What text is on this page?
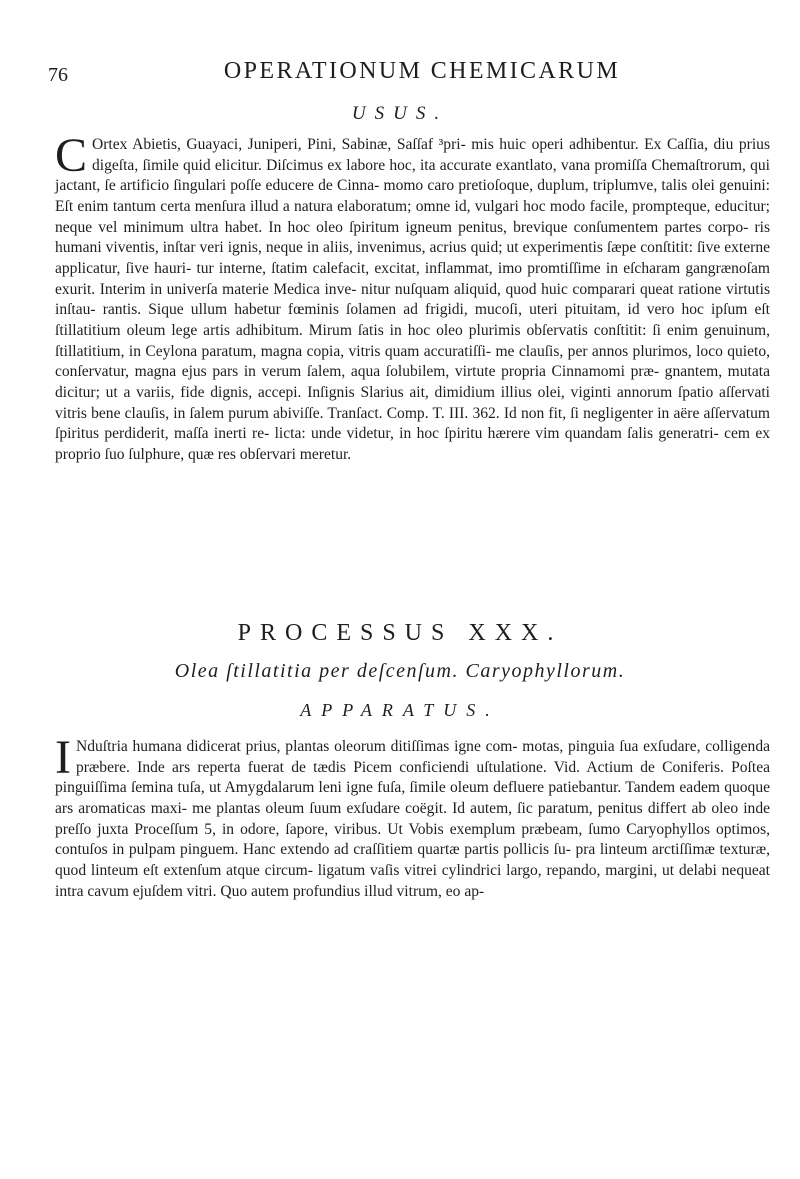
76	OPERATIONUM CHEMICARUM
USUS.

C Ortex Abietis, Guayaci, Juniperi, Pini, Sabinæ, Saſſaf ³pri- mis huic operi adhibentur. Ex Caſſia, diu prius digeſta, ſimile quid elicitur. Diſcimus ex labore hoc, ita accurate exantlato, vana promiſſa Chemaſtrorum, qui jactant, ſe artificio ſingulari poſſe educere de Cinna- momo caro pretioſoque, duplum, triplumve, talis olei genuini: Eſt enim tantum certa menſura illud a natura elaboratum; omne id, vulgari hoc modo facile, prompteque, educitur; neque vel minimum ultra habet. In hoc oleo ſpiritum igneum penitus, brevique conſumentem partes corpo- ris humani viventis, inſtar veri ignis, neque in aliis, invenimus, acrius quid; ut experimentis ſæpe conſtitit: ſive externe applicatur, ſive hauri- tur interne, ſtatim calefacit, excitat, inflammat, imo promtiſſime in eſcharam gangrænoſam exurit. Interim in univerſa materie Medica inve- nitur nuſquam aliquid, quod huic comparari queat ratione virtutis inſtau- rantis. Sique ullum habetur fœminis ſolamen ad frigidi, mucoſi, uteri pituitam, id vero hoc ipſum eſt ſtillatitium oleum lege artis adhibitum. Mirum ſatis in hoc oleo plurimis obſervatis conſtitit: ſi enim genuinum, ſtillatitium, in Ceylona paratum, magna copia, vitris quam accuratiſſi- me clauſis, per annos plurimos, loco quieto, conſervatur, magna ejus pars in verum ſalem, aqua ſolubilem, virtute propria Cinnamomi præ- gnantem, mutata dicitur; ut a variis, fide dignis, accepi. Inſignis Slarius ait, dimidium illius olei, viginti annorum ſpatio aſſervati vitris bene clauſis, in ſalem purum abiviſſe. Tranſact. Comp. T. III. 362. Id non fit, ſi negligenter in aëre aſſervatum ſpiritus perdiderit, maſſa inerti re- licta: unde videtur, in hoc ſpiritu hærere vim quandam ſalis generatri- cem ex proprio ſuo ſulphure, quæ res obſervari meretur.

PROCESSUS XXX.
Olea ſtillatitia per deſcenſum. Caryophyllorum.
APPARATUS.

I Nduſtria humana didicerat prius, plantas oleorum ditiſſimas igne com- motas, pinguia ſua exſudare, colligenda præbere. Inde ars reperta fuerat de tædis Picem conficiendi uſtulatione. Vid. Actium de Coniferis. Poſtea pinguiſſima ſemina tuſa, ut Amygdalarum leni igne fuſa, ſimile oleum defluere patiebantur. Tandem eadem quoque ars aromaticas maxi- me plantas oleum ſuum exſudare coëgit. Id autem, ſic paratum, penitus differt ab oleo inde preſſo juxta Proceſſum 5, in odore, ſapore, viribus. Ut Vobis exemplum præbeam, ſumo Caryophyllos optimos, contuſos in pulpam pinguem. Hanc extendo ad craſſitiem quartæ partis pollicis ſu- pra linteum arctiſſimæ texturæ, quod linteum eſt extenſum atque circum- ligatum vaſis vitrei cylindrici largo, repando, margini, ut delabi nequeat intra cavum ejuſdem vitri. Quo autem profundius illud vitrum, eo ap-
